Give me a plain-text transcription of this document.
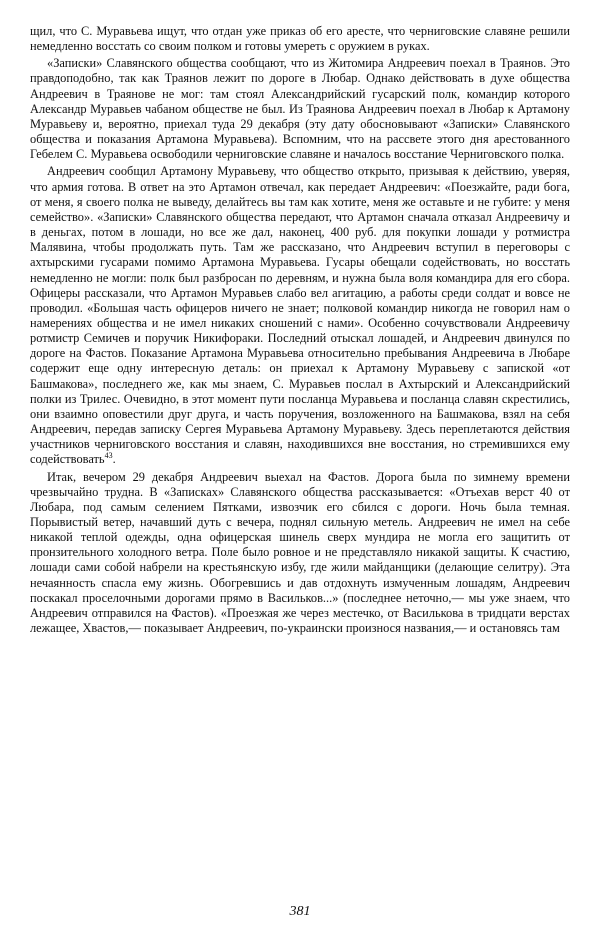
щил, что С. Муравьева ищут, что отдан уже приказ об его аресте, что черниговские славяне решили немедленно восстать со своим полком и готовы умереть с оружием в руках.

«Записки» Славянского общества сообщают, что из Житомира Андреевич поехал в Траянов. Это правдоподобно, так как Траянов лежит по дороге в Любар. Однако действовать в духе общества Андреевич в Траянове не мог: там стоял Александрийский гусарский полк, командир которого Александр Муравьев чабаном обществе не был. Из Траянова Андреевич поехал в Любар к Артамону Муравьеву и, вероятно, приехал туда 29 декабря (эту дату обосновывают «Записки» Славянского общества и показания Артамона Муравьева). Вспомним, что на рассвете этого дня арестованного Гебелем С. Муравьева освободили черниговские славяне и началось восстание Черниговского полка.

Андреевич сообщил Артамону Муравьеву, что общество открыто, призывая к действию, уверяя, что армия готова. В ответ на это Артамон отвечал, как передает Андреевич: «Поезжайте, ради бога, от меня, я своего полка не выведу, делайтесь вы там как хотите, меня же оставьте и не губите: у меня семейство». «Записки» Славянского общества передают, что Артамон сначала отказал Андреевичу и в деньгах, потом в лошади, но все же дал, наконец, 400 руб. для покупки лошади у ротмистра Малявина, чтобы продолжать путь. Там же рассказано, что Андреевич вступил в переговоры с ахтырскими гусарами помимо Артамона Муравьева. Гусары обещали содействовать, но восстать немедленно не могли: полк был разбросан по деревням, и нужна была воля командира для его сбора. Офицеры рассказали, что Артамон Муравьев слабо вел агитацию, а работы среди солдат и вовсе не проводил. «Большая часть офицеров ничего не знает; полковой командир никогда не говорил нам о намерениях общества и не имел никаких сношений с нами». Особенно сочувствовали Андреевичу ротмистр Семичев и поручик Никифораки. Последний отыскал лошадей, и Андреевич двинулся по дороге на Фастов. Показание Артамона Муравьева относительно пребывания Андреевича в Любаре содержит еще одну интересную деталь: он приехал к Артамону Муравьеву с запиской «от Башмакова», последнего же, как мы знаем, С. Муравьев послал в Ахтырский и Александрийский полки из Трилес. Очевидно, в этот момент пути посланца Муравьева и посланца славян скрестились, они взаимно оповестили друг друга, и часть поручения, возложенного на Башмакова, взял на себя Андреевич, передав записку Сергея Муравьева Артамону Муравьеву. Здесь переплетаются действия участников черниговского восстания и славян, находившихся вне восстания, но стремившихся ему содействовать$^{43}$.

Итак, вечером 29 декабря Андреевич выехал на Фастов. Дорога была по зимнему времени чрезвычайно трудна. В «Записках» Славянского общества рассказывается: «Отъехав верст 40 от Любара, под самым селением Пятками, извозчик его сбился с дороги. Ночь была темная. Порывистый ветер, начавший дуть с вечера, поднял сильную метель. Андреевич не имел на себе никакой теплой одежды, одна офицерская шинель сверх мундира не могла его защитить от пронзительного холодного ветра. Поле было ровное и не представляло никакой защиты. К счастию, лошади сами собой набрели на крестьянскую избу, где жили майданщики (делающие селитру). Эта нечаянность спасла ему жизнь. Обогревшись и дав отдохнуть измученным лошадям, Андреевич поскакал проселочными дорогами прямо в Васильков...» (последнее неточно,— мы уже знаем, что Андреевич отправился на Фастов). «Проезжая же через местечко, от Василькова в тридцати верстах лежащее, Хвастов,— показывает Андреевич, по-украински произнося названия,— и остановясь там

381
